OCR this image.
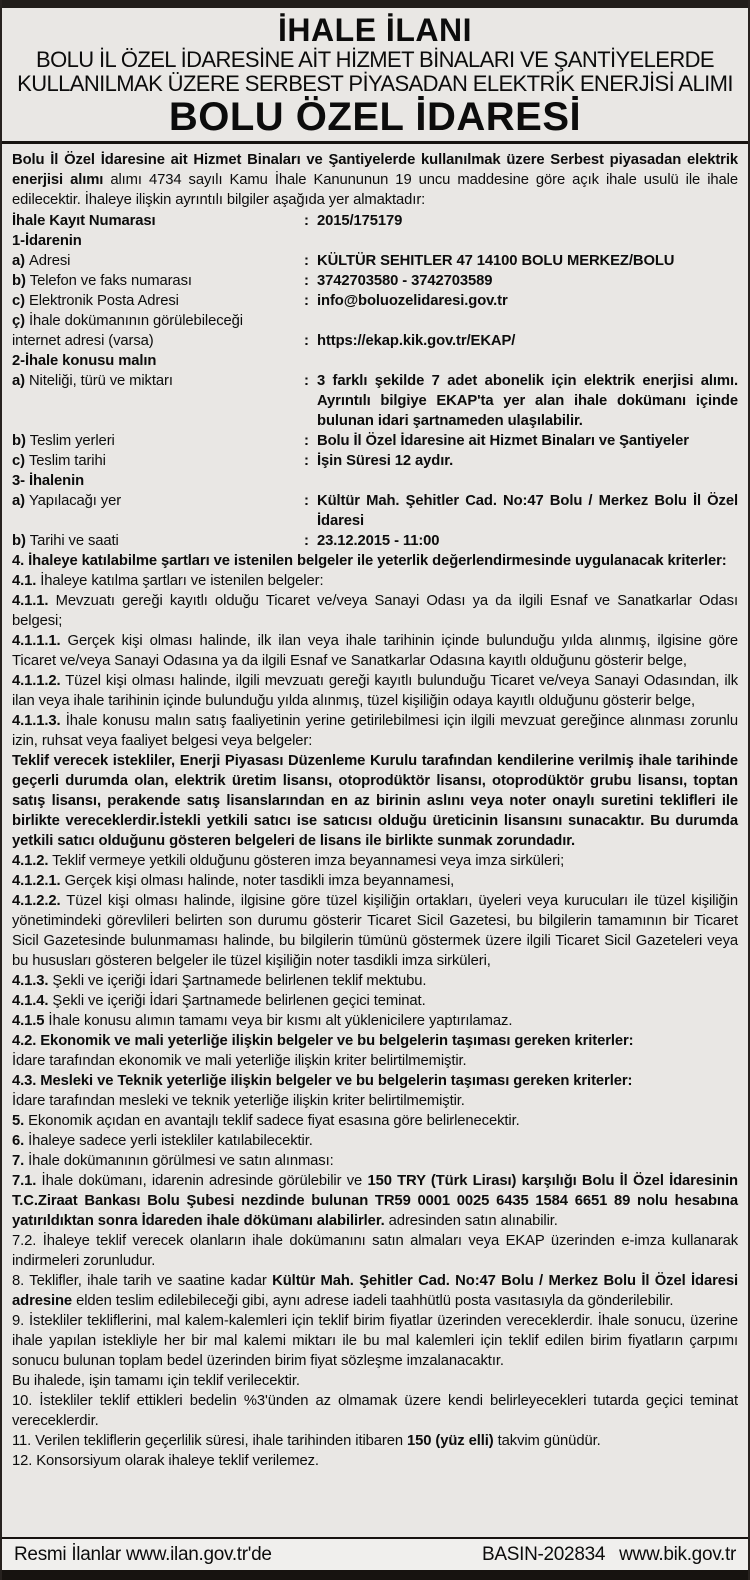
İHALE İLANI
BOLU İL ÖZEL İDARESİNE AİT HİZMET BİNALARI VE ŞANTİYELERDE
KULLANILMAK ÜZERE SERBEST PİYASADAN ELEKTRİK ENERJİSİ ALIMI
BOLU ÖZEL İDARESİ
Bolu İl Özel İdaresine ait Hizmet Binaları ve Şantiyelerde kullanılmak üzere Serbest piyasadan elektrik enerjisi alımı alımı 4734 sayılı Kamu İhale Kanununun 19 uncu maddesine göre açık ihale usulü ile ihale edilecektir. İhaleye ilişkin ayrıntılı bilgiler aşağıda yer almaktadır:
İhale Kayıt Numarası	: 2015/175179
1-İdarenin
a) Adresi	: KÜLTÜR SEHITLER 47 14100 BOLU MERKEZ/BOLU
b) Telefon ve faks numarası	: 3742703580 - 3742703589
c) Elektronik Posta Adresi	: info@boluozelidaresi.gov.tr
ç) İhale dokümanının görülebileceği
internet adresi (varsa)	: https://ekap.kik.gov.tr/EKAP/
2-İhale konusu malın
a) Niteliği, türü ve miktarı	: 3 farklı şekilde 7 adet abonelik için elektrik enerjisi alımı. Ayrıntılı bilgiye EKAP'ta yer alan ihale dokümanı içinde bulunan idari şartnameden ulaşılabilir.
b) Teslim yerleri	: Bolu İl Özel İdaresine ait Hizmet Binaları ve Şantiyeler
c) Teslim tarihi	: İşin Süresi 12 aydır.
3- İhalenin
a) Yapılacağı yer	: Kültür Mah. Şehitler Cad. No:47 Bolu / Merkez Bolu İl Özel İdaresi
b) Tarihi ve saati	: 23.12.2015 - 11:00
4. İhaleye katılabilme şartları ve istenilen belgeler ile yeterlik değerlendirmesinde uygulanacak kriterler:
4.1. İhaleye katılma şartları ve istenilen belgeler:
4.1.1. Mevzuatı gereği kayıtlı olduğu Ticaret ve/veya Sanayi Odası ya da ilgili Esnaf ve Sanatkarlar Odası belgesi;
4.1.1.1. Gerçek kişi olması halinde, ilk ilan veya ihale tarihinin içinde bulunduğu yılda alınmış, ilgisine göre Ticaret ve/veya Sanayi Odasına ya da ilgili Esnaf ve Sanatkarlar Odasına kayıtlı olduğunu gösterir belge,
4.1.1.2. Tüzel kişi olması halinde, ilgili mevzuatı gereği kayıtlı bulunduğu Ticaret ve/veya Sanayi Odasından, ilk ilan veya ihale tarihinin içinde bulunduğu yılda alınmış, tüzel kişiliğin odaya kayıtlı olduğunu gösterir belge,
4.1.1.3. İhale konusu malın satış faaliyetinin yerine getirilebilmesi için ilgili mevzuat gereğince alınması zorunlu izin, ruhsat veya faaliyet belgesi veya belgeler:
Teklif verecek istekliler, Enerji Piyasası Düzenleme Kurulu tarafından kendilerine verilmiş ihale tarihinde geçerli durumda olan, elektrik üretim lisansı, otoprodüktör lisansı, otoprodüktör grubu lisansı, toptan satış lisansı, perakende satış lisanslarından en az birinin aslını veya noter onaylı suretini teklifleri ile birlikte vereceklerdir.İstekli yetkili satıcı ise satıcısı olduğu üreticinin lisansını sunacaktır. Bu durumda yetkili satıcı olduğunu gösteren belgeleri de lisans ile birlikte sunmak zorundadır.
4.1.2. Teklif vermeye yetkili olduğunu gösteren imza beyannamesi veya imza sirküleri;
4.1.2.1. Gerçek kişi olması halinde, noter tasdikli imza beyannamesi,
4.1.2.2. Tüzel kişi olması halinde, ilgisine göre tüzel kişiliğin ortakları, üyeleri veya kurucuları ile tüzel kişiliğin yönetimindeki görevlileri belirten son durumu gösterir Ticaret Sicil Gazetesi, bu bilgilerin tamamının bir Ticaret Sicil Gazetesinde bulunmaması halinde, bu bilgilerin tümünü göstermek üzere ilgili Ticaret Sicil Gazeteleri veya bu hususları gösteren belgeler ile tüzel kişiliğin noter tasdikli imza sirküleri,
4.1.3. Şekli ve içeriği İdari Şartnamede belirlenen teklif mektubu.
4.1.4. Şekli ve içeriği İdari Şartnamede belirlenen geçici teminat.
4.1.5 İhale konusu alımın tamamı veya bir kısmı alt yüklenicilere yaptırılamaz.
4.2. Ekonomik ve mali yeterliğe ilişkin belgeler ve bu belgelerin taşıması gereken kriterler:
İdare tarafından ekonomik ve mali yeterliğe ilişkin kriter belirtilmemiştir.
4.3. Mesleki ve Teknik yeterliğe ilişkin belgeler ve bu belgelerin taşıması gereken kriterler:
İdare tarafından mesleki ve teknik yeterliğe ilişkin kriter belirtilmemiştir.
5. Ekonomik açıdan en avantajlı teklif sadece fiyat esasına göre belirlenecektir.
6. İhaleye sadece yerli istekliler katılabilecektir.
7. İhale dokümanının görülmesi ve satın alınması:
7.1. İhale dokümanı, idarenin adresinde görülebilir ve 150 TRY (Türk Lirası) karşılığı Bolu İl Özel İdaresinin T.C.Ziraat Bankası Bolu Şubesi nezdinde bulunan TR59 0001 0025 6435 1584 6651 89 nolu hesabına yatırıldıktan sonra İdareden ihale dökümanı alabilirler. adresinden satın alınabilir.
7.2. İhaleye teklif verecek olanların ihale dokümanını satın almaları veya EKAP üzerinden e-imza kullanarak indirmeleri zorunludur.
8. Teklifler, ihale tarih ve saatine kadar Kültür Mah. Şehitler Cad. No:47 Bolu / Merkez Bolu İl Özel İdaresi adresine elden teslim edilebileceği gibi, aynı adrese iadeli taahhütlü posta vasıtasıyla da gönderilebilir.
9. İstekliler tekliflerini, mal kalem-kalemleri için teklif birim fiyatlar üzerinden vereceklerdir. İhale sonucu, üzerine ihale yapılan istekliyle her bir mal kalemi miktarı ile bu mal kalemleri için teklif edilen birim fiyatların çarpımı sonucu bulunan toplam bedel üzerinden birim fiyat sözleşme imzalanacaktır.
Bu ihalede, işin tamamı için teklif verilecektir.
10. İstekliler teklif ettikleri bedelin %3'ünden az olmamak üzere kendi belirleyecekleri tutarda geçici teminat vereceklerdir.
11. Verilen tekliflerin geçerlilik süresi, ihale tarihinden itibaren 150 (yüz elli) takvim günüdür.
12. Konsorsiyum olarak ihaleye teklif verilemez.
Resmi İlanlar www.ilan.gov.tr'de	BASIN-202834 www.bik.gov.tr
